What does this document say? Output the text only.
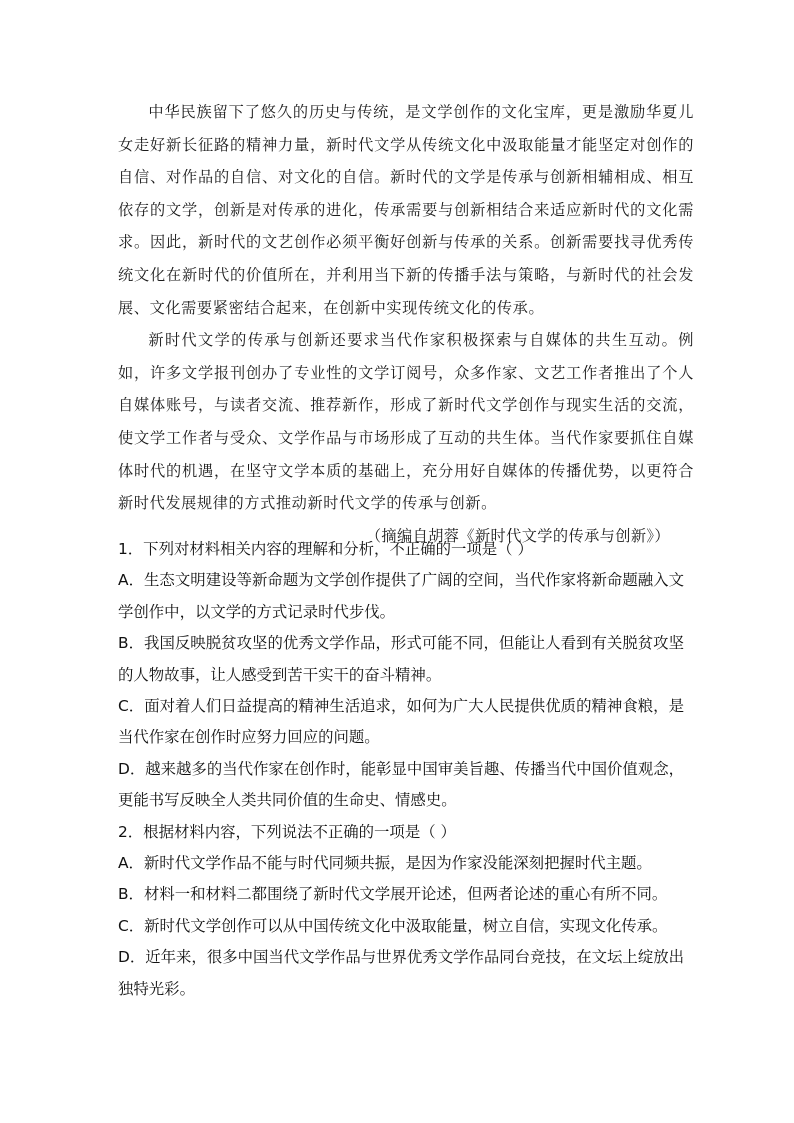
中华民族留下了悠久的历史与传统，是文学创作的文化宝库，更是激励华夏儿女走好新长征路的精神力量，新时代文学从传统文化中汲取能量才能坚定对创作的自信、对作品的自信、对文化的自信。新时代的文学是传承与创新相辅相成、相互依存的文学，创新是对传承的进化，传承需要与创新相结合来适应新时代的文化需求。因此，新时代的文艺创作必须平衡好创新与传承的关系。创新需要找寻优秀传统文化在新时代的价值所在，并利用当下新的传播手法与策略，与新时代的社会发展、文化需要紧密结合起来，在创新中实现传统文化的传承。

新时代文学的传承与创新还要求当代作家积极探索与自媒体的共生互动。例如，许多文学报刊创办了专业性的文学订阅号，众多作家、文艺工作者推出了个人自媒体账号，与读者交流、推荐新作，形成了新时代文学创作与现实生活的交流，使文学工作者与受众、文学作品与市场形成了互动的共生体。当代作家要抓住自媒体时代的机遇，在坚守文学本质的基础上，充分用好自媒体的传播优势，以更符合新时代发展规律的方式推动新时代文学的传承与创新。

（摘编自胡蓉《新时代文学的传承与创新》）

1．下列对材料相关内容的理解和分析，不正确的一项是（ ）

A．生态文明建设等新命题为文学创作提供了广阔的空间，当代作家将新命题融入文学创作中，以文学的方式记录时代步伐。

B．我国反映脱贫攻坚的优秀文学作品，形式可能不同，但能让人看到有关脱贫攻坚的人物故事，让人感受到苦干实干的奋斗精神。

C．面对着人们日益提高的精神生活追求，如何为广大人民提供优质的精神食粮，是当代作家在创作时应努力回应的问题。

D．越来越多的当代作家在创作时，能彰显中国审美旨趣、传播当代中国价值观念，更能书写反映全人类共同价值的生命史、情感史。

2．根据材料内容，下列说法不正确的一项是（ ）

A．新时代文学作品不能与时代同频共振，是因为作家没能深刻把握时代主题。

B．材料一和材料二都围绕了新时代文学展开论述，但两者论述的重心有所不同。

C．新时代文学创作可以从中国传统文化中汲取能量，树立自信，实现文化传承。

D．近年来，很多中国当代文学作品与世界优秀文学作品同台竞技，在文坛上绽放出独特光彩。
